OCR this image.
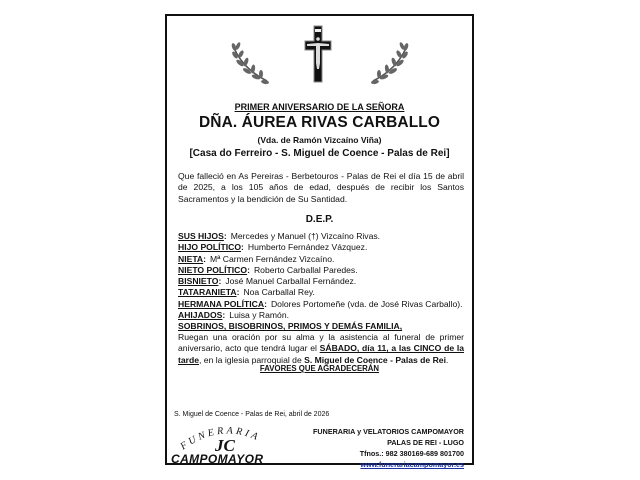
PRIMER ANIVERSARIO DE LA SEÑORA
DÑA. ÁUREA RIVAS CARBALLO
(Vda. de Ramón Vizcaíno Viña)
[Casa do Ferreiro - S. Miguel de Coence - Palas de Rei]
Que falleció en As Pereiras - Berbetouros - Palas de Rei el día 15 de abril de 2025, a los 105 años de edad, después de recibir los Santos Sacramentos y la bendición de Su Santidad.
D.E.P.
SUS HIJOS: Mercedes y Manuel (†) Vizcaíno Rivas.
HIJO POLÍTICO: Humberto Fernández Vázquez.
NIETA: Mª Carmen Fernández Vizcaíno.
NIETO POLÍTICO: Roberto Carballal Paredes.
BISNIETO: José Manuel Carballal Fernández.
TATARANIETA: Noa Carballal Rey.
HERMANA POLÍTICA: Dolores Portomeñe (vda. de José Rivas Carballo).
AHIJADOS: Luisa y Ramón.
SOBRINOS, BISOBRINOS, PRIMOS Y DEMÁS FAMILIA,
Ruegan una oración por su alma y la asistencia al funeral de primer aniversario, acto que tendrá lugar el SÁBADO, día 11, a las CINCO de la tarde, en la iglesia parroquial de S. Miguel de Coence - Palas de Rei.
FAVORES QUE AGRADECERÁN
S. Miguel de Coence - Palas de Rei, abril de 2026
FUNERARIA
JC
CAMPOMAYOR
FUNERARIA y VELATORIOS CAMPOMAYOR
PALAS DE REI - LUGO
Tfnos.: 982 380169-689 801700
www.funerariacampomayor.es
